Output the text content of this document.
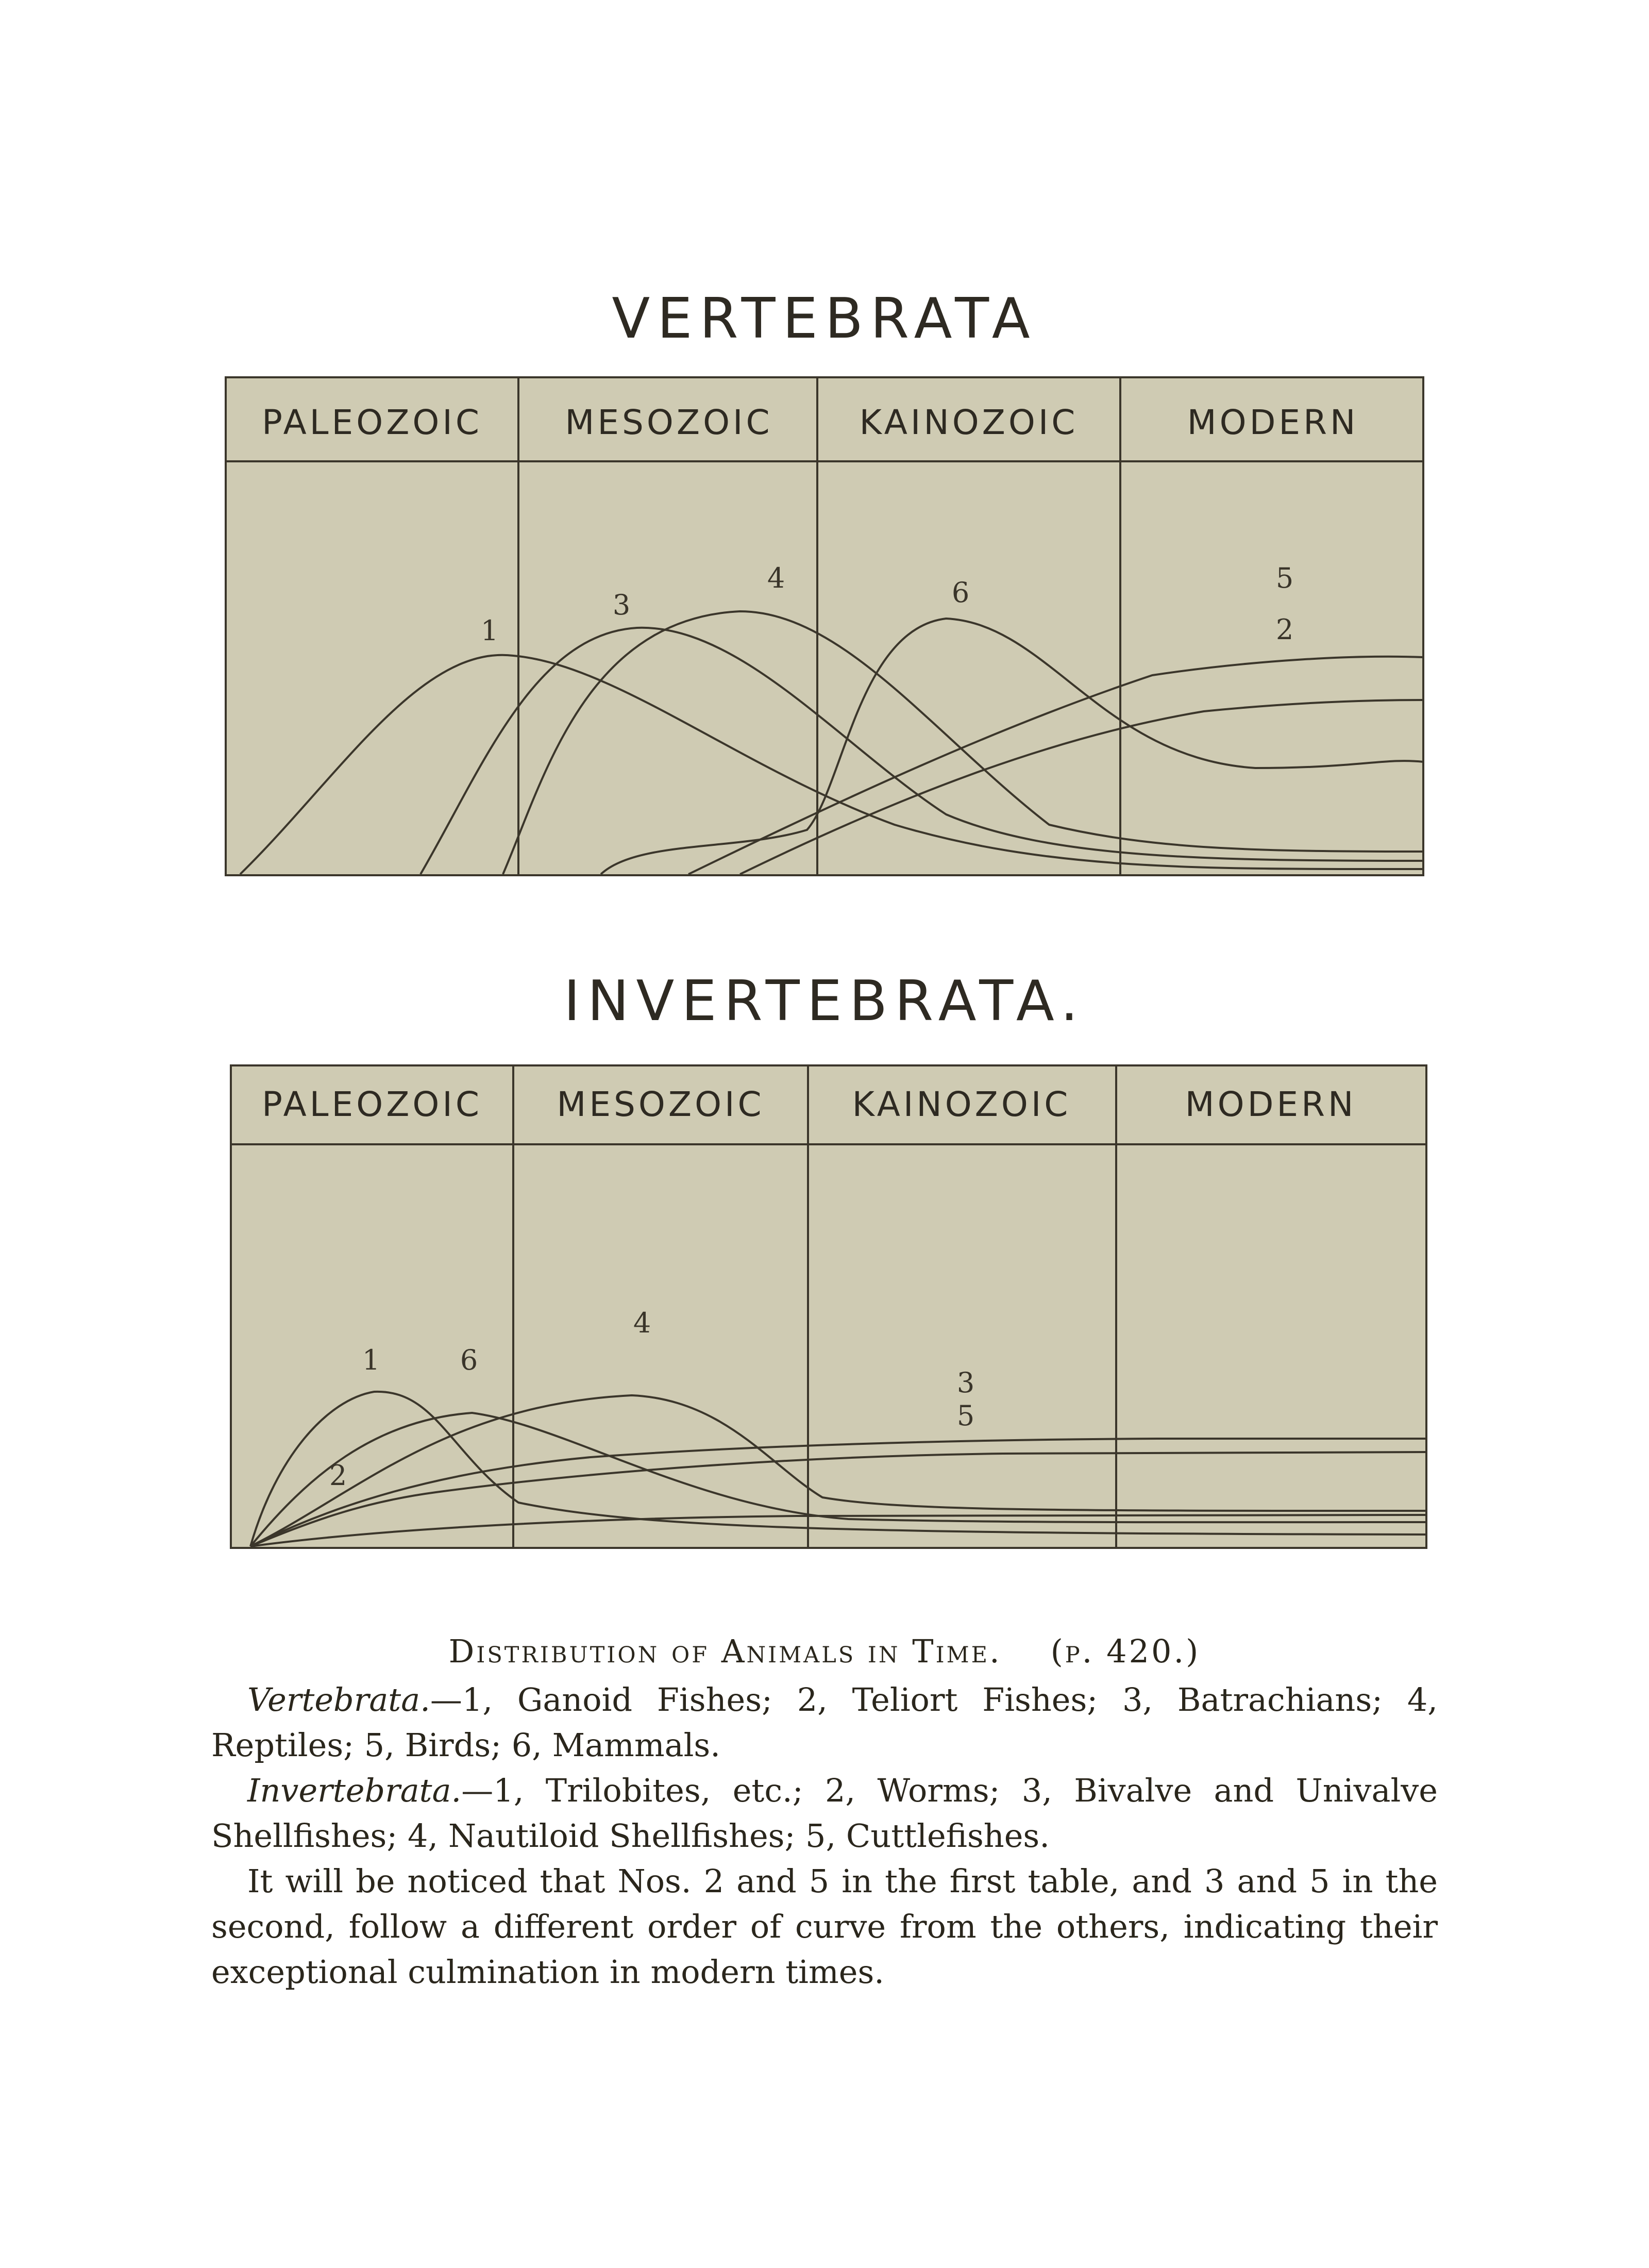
VERTEBRATA
PALEOZOIC MESOZOIC	KAINOZOIC	MODERN
1
3
4	6	5
2
INVERTEBRATA.
PALEOZOIC MESOZOIC	KAINOZOIC	MODERN
1	6
4
2
3
5

Distribution of Animals in Time. (p. 420.)

Vertebrata.—1, Ganoid Fishes; 2, Teliort Fishes; 3, Batrachians; 4, Reptiles; 5, Birds; 6, Mammals.

Invertebrata.—1, Trilobites, etc.; 2, Worms; 3, Bivalve and Univalve Shellfishes; 4, Nautiloid Shellfishes; 5, Cuttlefishes.

It will be noticed that Nos. 2 and 5 in the first table, and 3 and 5 in the second, follow a different order of curve from the others, indicating their exceptional culmination in modern times.
